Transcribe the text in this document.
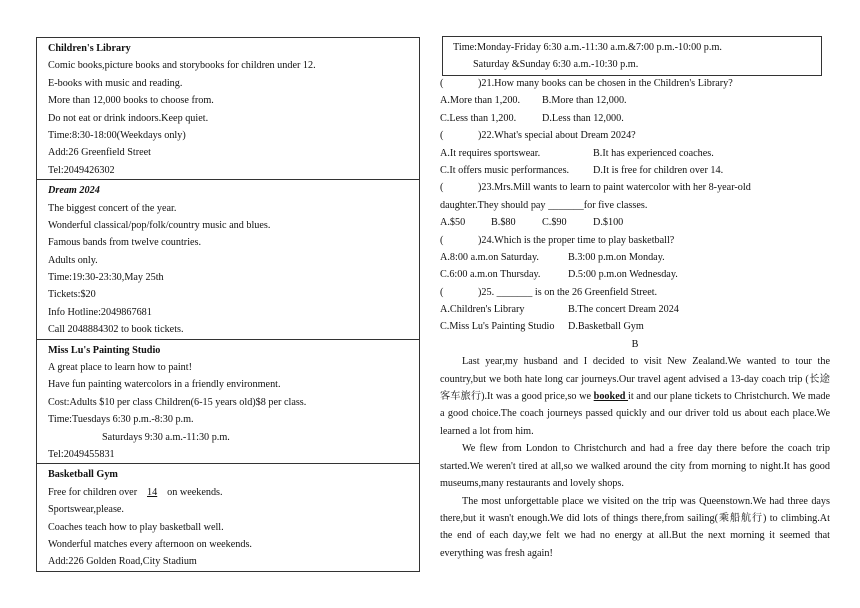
Children's Library
Comic books,picture books and storybooks for children under 12.
E-books with music and reading.
More than 12,000 books to choose from.
Do not eat or drink indoors.Keep quiet.
Time:8:30-18:00(Weekdays only)
Add:26 Greenfield Street
Tel:2049426302
Dream 2024
The biggest concert of the year.
Wonderful classical/pop/folk/country music and blues.
Famous bands from twelve countries.
Adults only.
Time:19:30-23:30,May 25th
Tickets:$20
Info Hotline:2049867681
Call 2048884302 to book tickets.
Miss Lu's Painting Studio
A great place to learn how to paint!
Have fun painting watercolors in a friendly environment.
Cost:Adults $10 per class Children(6-15 years old)$8 per class.
Time:Tuesdays 6:30 p.m.-8:30 p.m.
Saturdays 9:30 a.m.-11:30 p.m.
Tel:2049455831
Basketball Gym
Free for children over 14 on weekends.
Sportswear,please.
Coaches teach how to play basketball well.
Wonderful matches every afternoon on weekends.
Add:226 Golden Road,City Stadium
Time:Monday-Friday 6:30 a.m.-11:30 a.m.&7:00 p.m.-10:00 p.m.
Saturday &Sunday 6:30 a.m.-10:30 p.m.
(	)21.How many books can be chosen in the Children's Library?
A.More than 1,200.	B.More than 12,000.
C.Less than 1,200.	D.Less than 12,000.
(	)22.What's special about Dream 2024?
A.It requires sportswear.	B.It has experienced coaches.
C.It offers music performances.	D.It is free for children over 14.
(	)23.Mrs.Mill wants to learn to paint watercolor with her 8-year-old
daughter.They should pay _______for five classes.
A.$50	B.$80	C.$90	D.$100
(	)24.Which is the proper time to play basketball?
A.8:00 a.m.on Saturday.	B.3:00 p.m.on Monday.
C.6:00 a.m.on Thursday.	D.5:00 p.m.on Wednesday.
(	)25. _______ is on the 26 Greenfield Street.
A.Children's Library	B.The concert Dream 2024
C.Miss Lu's Painting Studio	D.Basketball Gym
B

Last year,my husband and I decided to visit New Zealand.We wanted to tour the country,but we both hate long car journeys.Our travel agent advised a 13-day coach trip (长途客车旅行).It was a good price,so we booked it and our plane tickets to Christchurch. We made a good choice.The coach journeys passed quickly and our driver told us about each place.We learned a lot from him.

We flew from London to Christchurch and had a free day there before the coach trip started.We weren't tired at all,so we walked around the city from morning to night.It has good museums,many restaurants and lovely shops.

The most unforgettable place we visited on the trip was Queenstown.We had three days there,but it wasn't enough.We did lots of things there,from sailing(乘船航行) to climbing.At the end of each day,we felt we had no energy at all.But the next morning it seemed that everything was fresh again!
